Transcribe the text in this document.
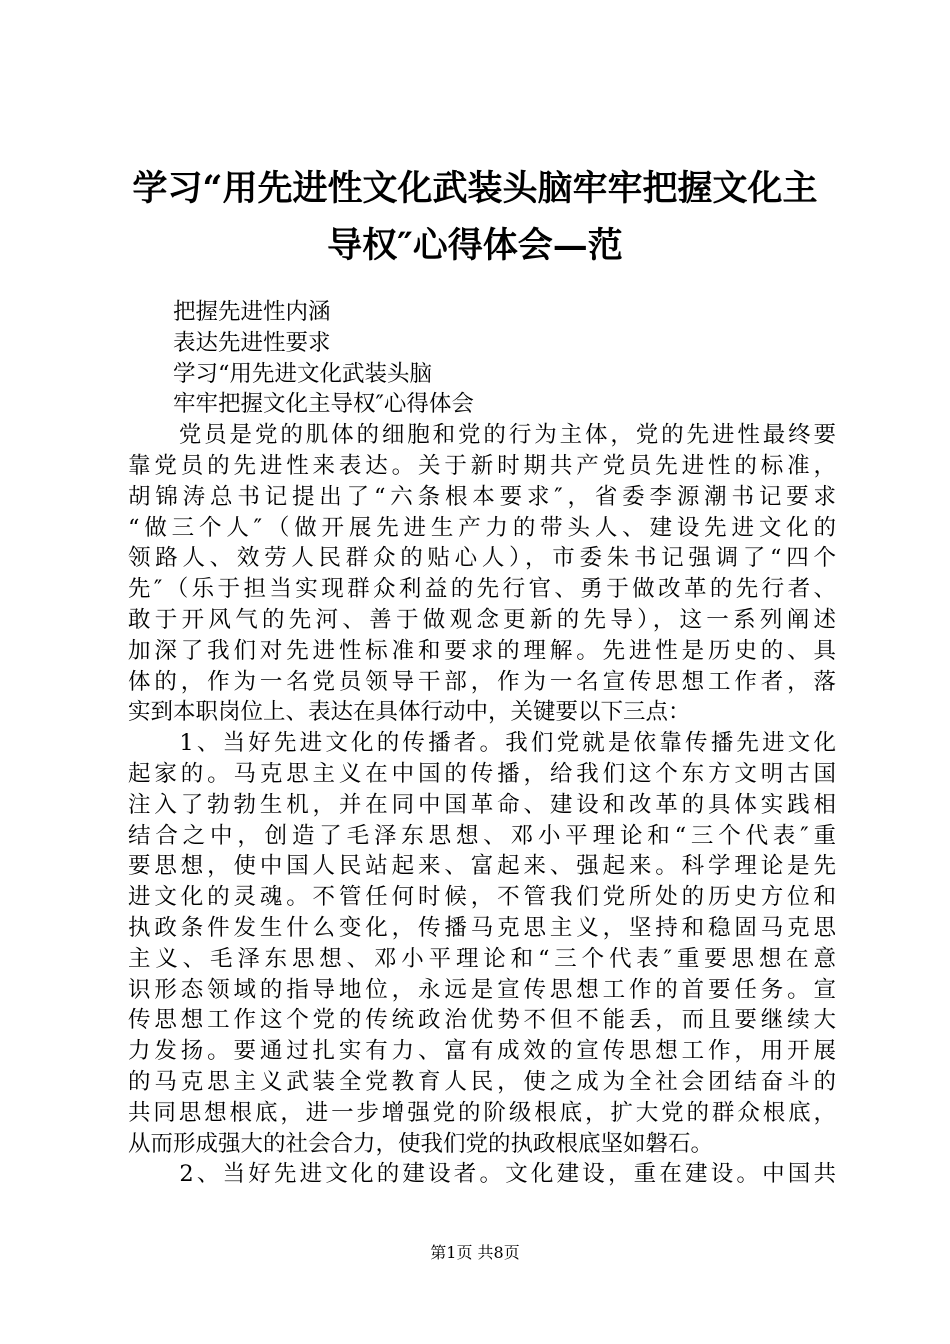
学习“用先进性文化武装头脑牢牢把握文化主
导权″心得体会—范
　　把握先进性内涵
　　表达先进性要求
　　学习“用先进文化武装头脑
　　牢牢把握文化主导权″心得体会
　　党员是党的肌体的细胞和党的行为主体，党的先进性最终要
靠党员的先进性来表达。关于新时期共产党员先进性的标准，
胡锦涛总书记提出了“六条根本要求″，省委李源潮书记要求
“做三个人″（做开展先进生产力的带头人、建设先进文化的
领路人、效劳人民群众的贴心人），市委朱书记强调了“四个
先″（乐于担当实现群众利益的先行官、勇于做改革的先行者、
敢于开风气的先河、善于做观念更新的先导），这一系列阐述
加深了我们对先进性标准和要求的理解。先进性是历史的、具
体的，作为一名党员领导干部，作为一名宣传思想工作者，落
实到本职岗位上、表达在具体行动中，关键要以下三点：
　　1、当好先进文化的传播者。我们党就是依靠传播先进文化
起家的。马克思主义在中国的传播，给我们这个东方文明古国
注入了勃勃生机，并在同中国革命、建设和改革的具体实践相
结合之中，创造了毛泽东思想、邓小平理论和“三个代表″重
要思想，使中国人民站起来、富起来、强起来。科学理论是先
进文化的灵魂。不管任何时候，不管我们党所处的历史方位和
执政条件发生什么变化，传播马克思主义，坚持和稳固马克思
主义、毛泽东思想、邓小平理论和“三个代表″重要思想在意
识形态领域的指导地位，永远是宣传思想工作的首要任务。宣
传思想工作这个党的传统政治优势不但不能丢，而且要继续大
力发扬。要通过扎实有力、富有成效的宣传思想工作，用开展
的马克思主义武装全党教育人民，使之成为全社会团结奋斗的
共同思想根底，进一步增强党的阶级根底，扩大党的群众根底，
从而形成强大的社会合力，使我们党的执政根底坚如磐石。
　　2、当好先进文化的建设者。文化建设，重在建设。中国共
第1页 共8页
